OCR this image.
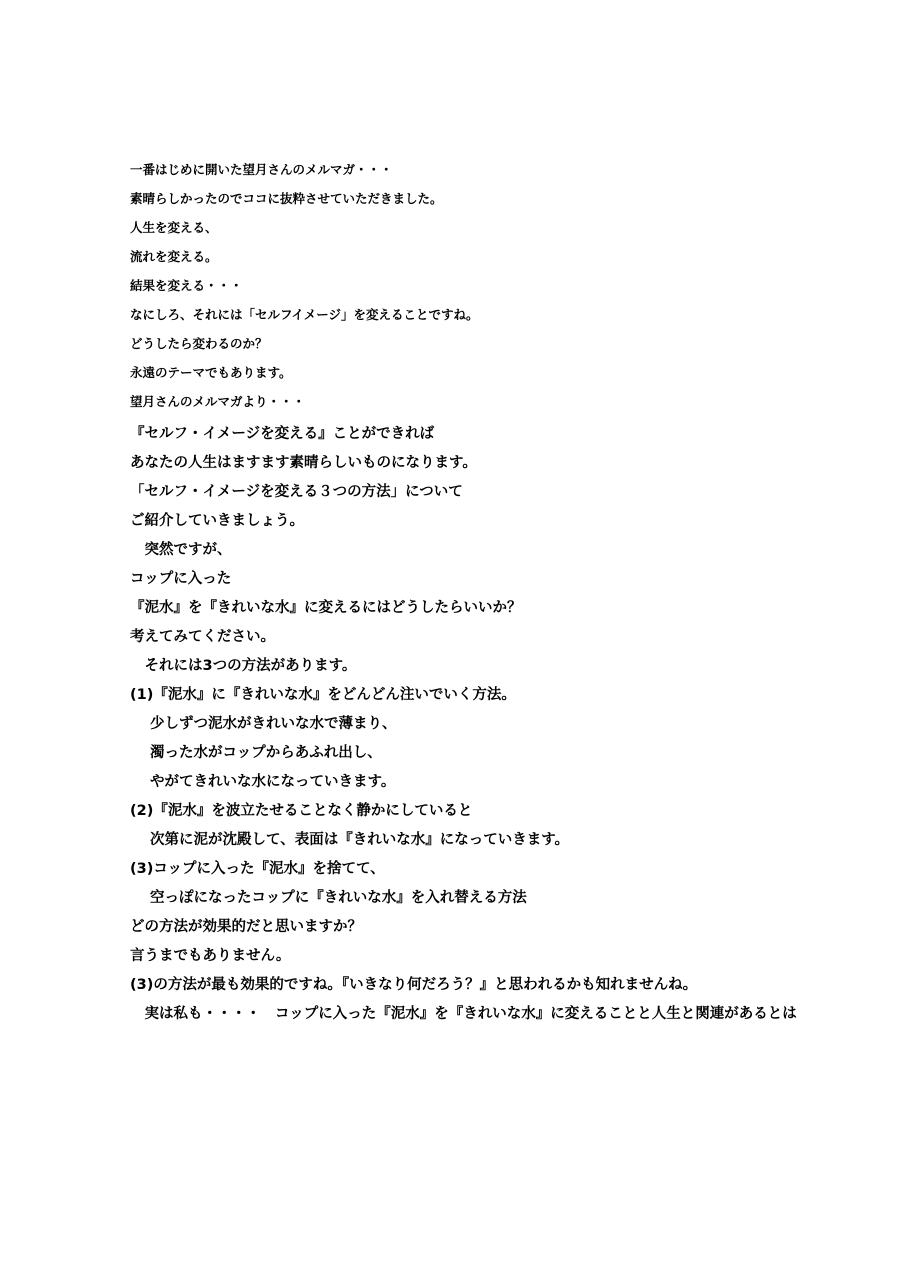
一番はじめに開いた望月さんのメルマガ・・・
素晴らしかったのでココに抜粋させていただきました。
人生を変える、
流れを変える。
結果を変える・・・
なにしろ、それには「セルフイメージ」を変えることですね。
どうしたら変わるのか？
永遠のテーマでもあります。
望月さんのメルマガより・・・
『セルフ・イメージを変える』ことができれば
あなたの人生はますます素晴らしいものになります。
「セルフ・イメージを変える３つの方法」について
ご紹介していきましょう。
　突然ですが、
コップに入った
『泥水』を『きれいな水』に変えるにはどうしたらいいか？
考えてみてください。
　それには3つの方法があります。
(1)『泥水』に『きれいな水』をどんどん注いでいく方法。
少しずつ泥水がきれいな水で薄まり、
濁った水がコップからあふれ出し、
やがてきれいな水になっていきます。
(2)『泥水』を波立たせることなく静かにしていると
次第に泥が沈殿して、表面は『きれいな水』になっていきます。
(3)コップに入った『泥水』を捨てて、
空っぽになったコップに『きれいな水』を入れ替える方法
どの方法が効果的だと思いますか？
言うまでもありません。
(3)の方法が最も効果的ですね。『いきなり何だろう？』と思われるかも知れませんね。
　実は私も・・・・　コップに入った『泥水』を『きれいな水』に変えることと人生と関連があるとは
